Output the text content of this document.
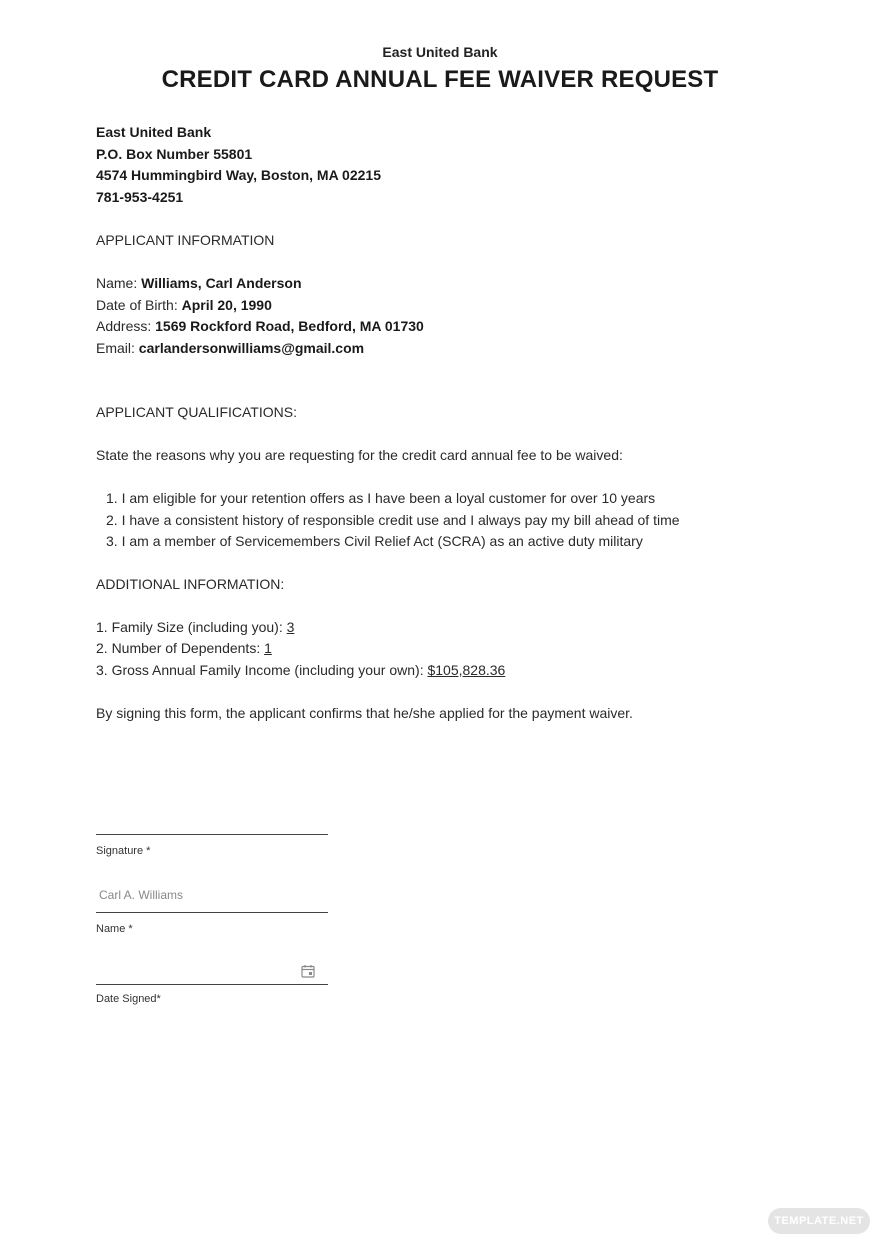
East United Bank
CREDIT CARD ANNUAL FEE WAIVER REQUEST
East United Bank
P.O. Box Number 55801
4574 Hummingbird Way, Boston, MA 02215
781-953-4251
APPLICANT INFORMATION
Name: Williams, Carl Anderson
Date of Birth: April 20, 1990
Address: 1569 Rockford Road, Bedford, MA 01730
Email: carlandersonwilliams@gmail.com
APPLICANT QUALIFICATIONS:
State the reasons why you are requesting for the credit card annual fee to be waived:
1. I am eligible for your retention offers as I have been a loyal customer for over 10 years
2. I have a consistent history of responsible credit use and I always pay my bill ahead of time
3. I am a member of Servicemembers Civil Relief Act (SCRA) as an active duty military
ADDITIONAL INFORMATION:
1. Family Size (including you): 3
2. Number of Dependents: 1
3. Gross Annual Family Income (including your own): $105,828.36
By signing this form, the applicant confirms that he/she applied for the payment waiver.
Signature *
Carl A. Williams
Name *
Date Signed*
TEMPLATE.NET
